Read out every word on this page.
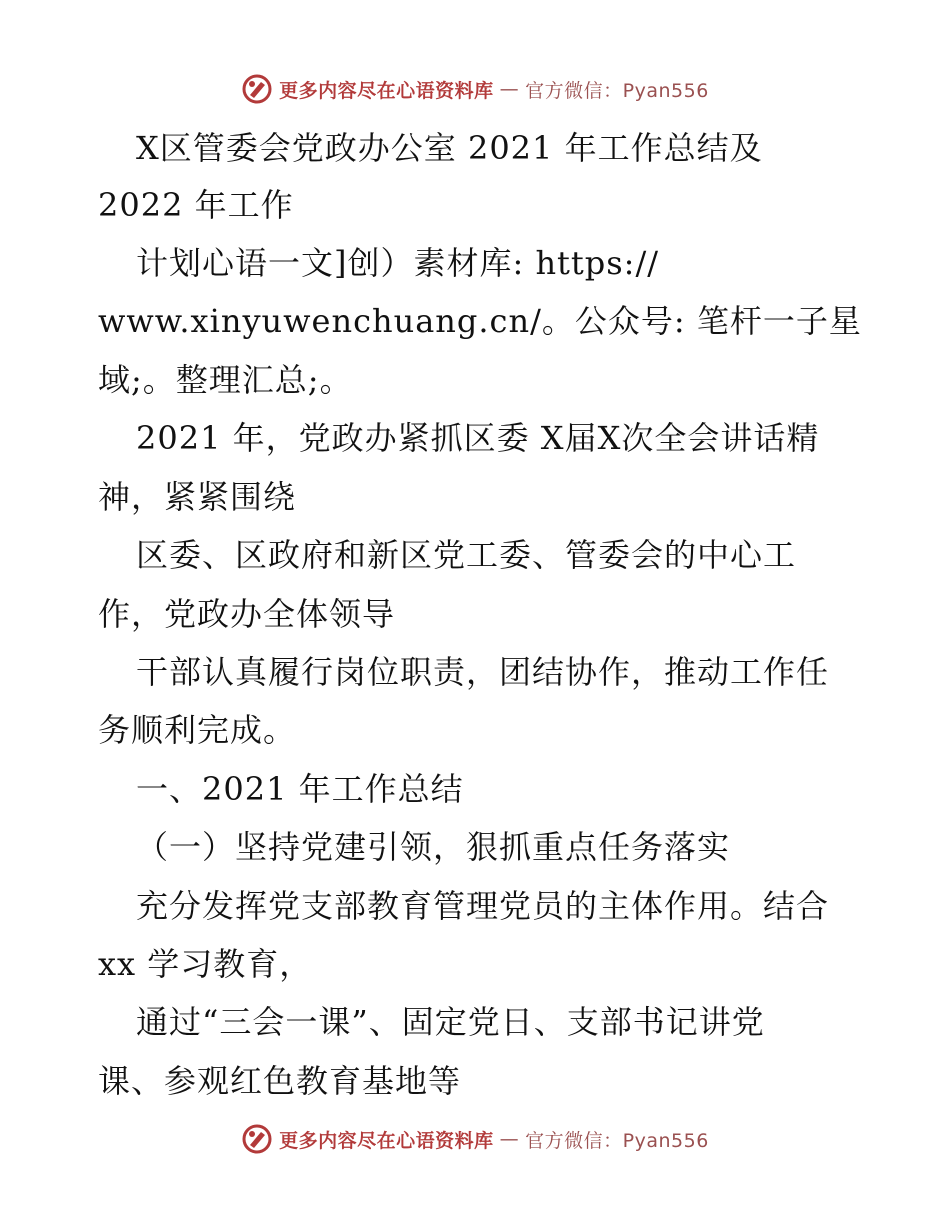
更多内容尽在心语资料库 — 官方微信：Pyan556
X区管委会党政办公室 2021 年工作总结及
2022 年工作
计划心语一文]创）素材库: https://
www.xinyuwenchuang.cn/。公众号: 笔杆一子星
域;。整理汇总;。
2021 年，党政办紧抓区委 X届X次全会讲话精
神，紧紧围绕
区委、区政府和新区党工委、管委会的中心工
作，党政办全体领导
干部认真履行岗位职责，团结协作，推动工作任
务顺利完成。
一、2021 年工作总结
（一）坚持党建引领，狠抓重点任务落实
充分发挥党支部教育管理党员的主体作用。结合
xx 学习教育，
通过“三会一课”、固定党日、支部书记讲党
课、参观红色教育基地等
更多内容尽在心语资料库 — 官方微信：Pyan556
